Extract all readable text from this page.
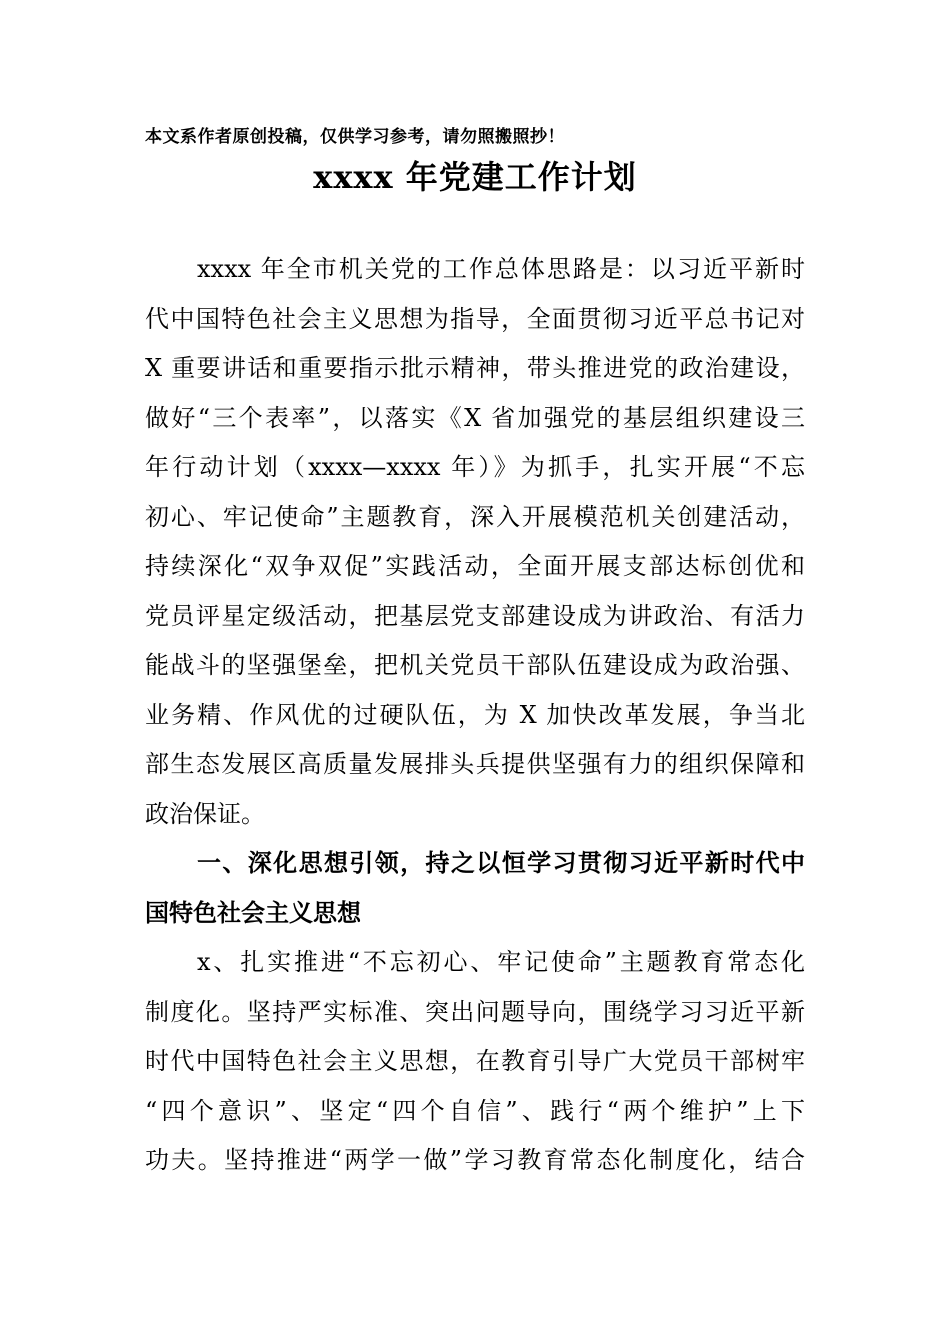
本文系作者原创投稿，仅供学习参考，请勿照搬照抄！
xxxx 年党建工作计划
xxxx 年全市机关党的工作总体思路是：以习近平新时
代中国特色社会主义思想为指导，全面贯彻习近平总书记对
X 重要讲话和重要指示批示精神，带头推进党的政治建设，
做好“三个表率”，以落实《X 省加强党的基层组织建设三
年行动计划（xxxx—xxxx 年）》为抓手，扎实开展“不忘
初心、牢记使命”主题教育，深入开展模范机关创建活动，
持续深化“双争双促”实践活动，全面开展支部达标创优和
党员评星定级活动，把基层党支部建设成为讲政治、有活力
能战斗的坚强堡垒，把机关党员干部队伍建设成为政治强、
业务精、作风优的过硬队伍，为 X 加快改革发展，争当北
部生态发展区高质量发展排头兵提供坚强有力的组织保障和
政治保证。
一、深化思想引领，持之以恒学习贯彻习近平新时代中
国特色社会主义思想
x、扎实推进“不忘初心、牢记使命”主题教育常态化
制度化。坚持严实标准、突出问题导向，围绕学习习近平新
时代中国特色社会主义思想，在教育引导广大党员干部树牢
“四个意识”、坚定“四个自信”、践行“两个维护”上下
功夫。坚持推进“两学一做”学习教育常态化制度化，结合
